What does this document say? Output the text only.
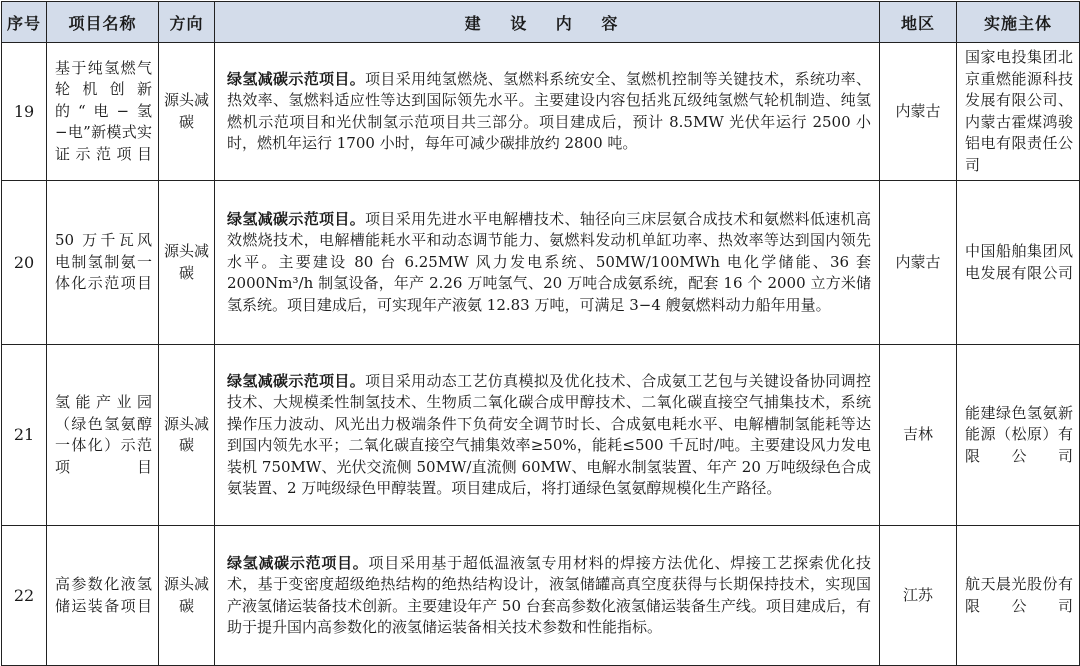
序号	项目名称	方向	建 设 内 容	地区	实施主体
19	基于纯氢燃气轮机创新的“电−氢−电”新模式实证示范项目	源头减碳	绿氢减碳示范项目。项目采用纯氢燃烧、氢燃料系统安全、氢燃机控制等关键技术，系统功率、热效率、氢燃料适应性等达到国际领先水平。主要建设内容包括兆瓦级纯氢燃气轮机制造、纯氢燃机示范项目和光伏制氢示范项目共三部分。项目建成后，预计 8.5MW 光伏年运行 2500 小时，燃机年运行 1700 小时，每年可减少碳排放约 2800 吨。	内蒙古	国家电投集团北京重燃能源科技发展有限公司、内蒙古霍煤鸿骏铝电有限责任公司
20	50 万千瓦风电制氢制氨一体化示范项目	源头减碳	绿氢减碳示范项目。项目采用先进水平电解槽技术、轴径向三床层氨合成技术和氨燃料低速机高效燃烧技术，电解槽能耗水平和动态调节能力、氨燃料发动机单缸功率、热效率等达到国内领先水平。主要建设 80 台 6.25MW 风力发电系统、50MW/100MWh 电化学储能、36 套 2000Nm³/h 制氢设备，年产 2.26 万吨氢气、20 万吨合成氨系统，配套 16 个 2000 立方米储氢系统。项目建成后，可实现年产液氨 12.83 万吨，可满足 3−4 艘氨燃料动力船年用量。	内蒙古	中国船舶集团风电发展有限公司
21	氢能产业园（绿色氢氨醇一体化）示范项目	源头减碳	绿氢减碳示范项目。项目采用动态工艺仿真模拟及优化技术、合成氨工艺包与关键设备协同调控技术、大规模柔性制氢技术、生物质二氧化碳合成甲醇技术、二氧化碳直接空气捕集技术，系统操作压力波动、风光出力极端条件下负荷安全调节时长、合成氨电耗水平、电解槽制氢能耗等达到国内领先水平；二氧化碳直接空气捕集效率≥50%，能耗≤500 千瓦时/吨。主要建设风力发电装机 750MW、光伏交流侧 50MW/直流侧 60MW、电解水制氢装置、年产 20 万吨级绿色合成氨装置、2 万吨级绿色甲醇装置。项目建成后，将打通绿色氢氨醇规模化生产路径。	吉林	能建绿色氢氨新能源（松原）有限公司
22	高参数化液氢储运装备项目	源头减碳	绿氢减碳示范项目。项目采用基于超低温液氢专用材料的焊接方法优化、焊接工艺探索优化技术，基于变密度超级绝热结构的绝热结构设计，液氢储罐高真空度获得与长期保持技术，实现国产液氢储运装备技术创新。主要建设年产 50 台套高参数化液氢储运装备生产线。项目建成后，有助于提升国内高参数化的液氢储运装备相关技术参数和性能指标。	江苏	航天晨光股份有限公司
